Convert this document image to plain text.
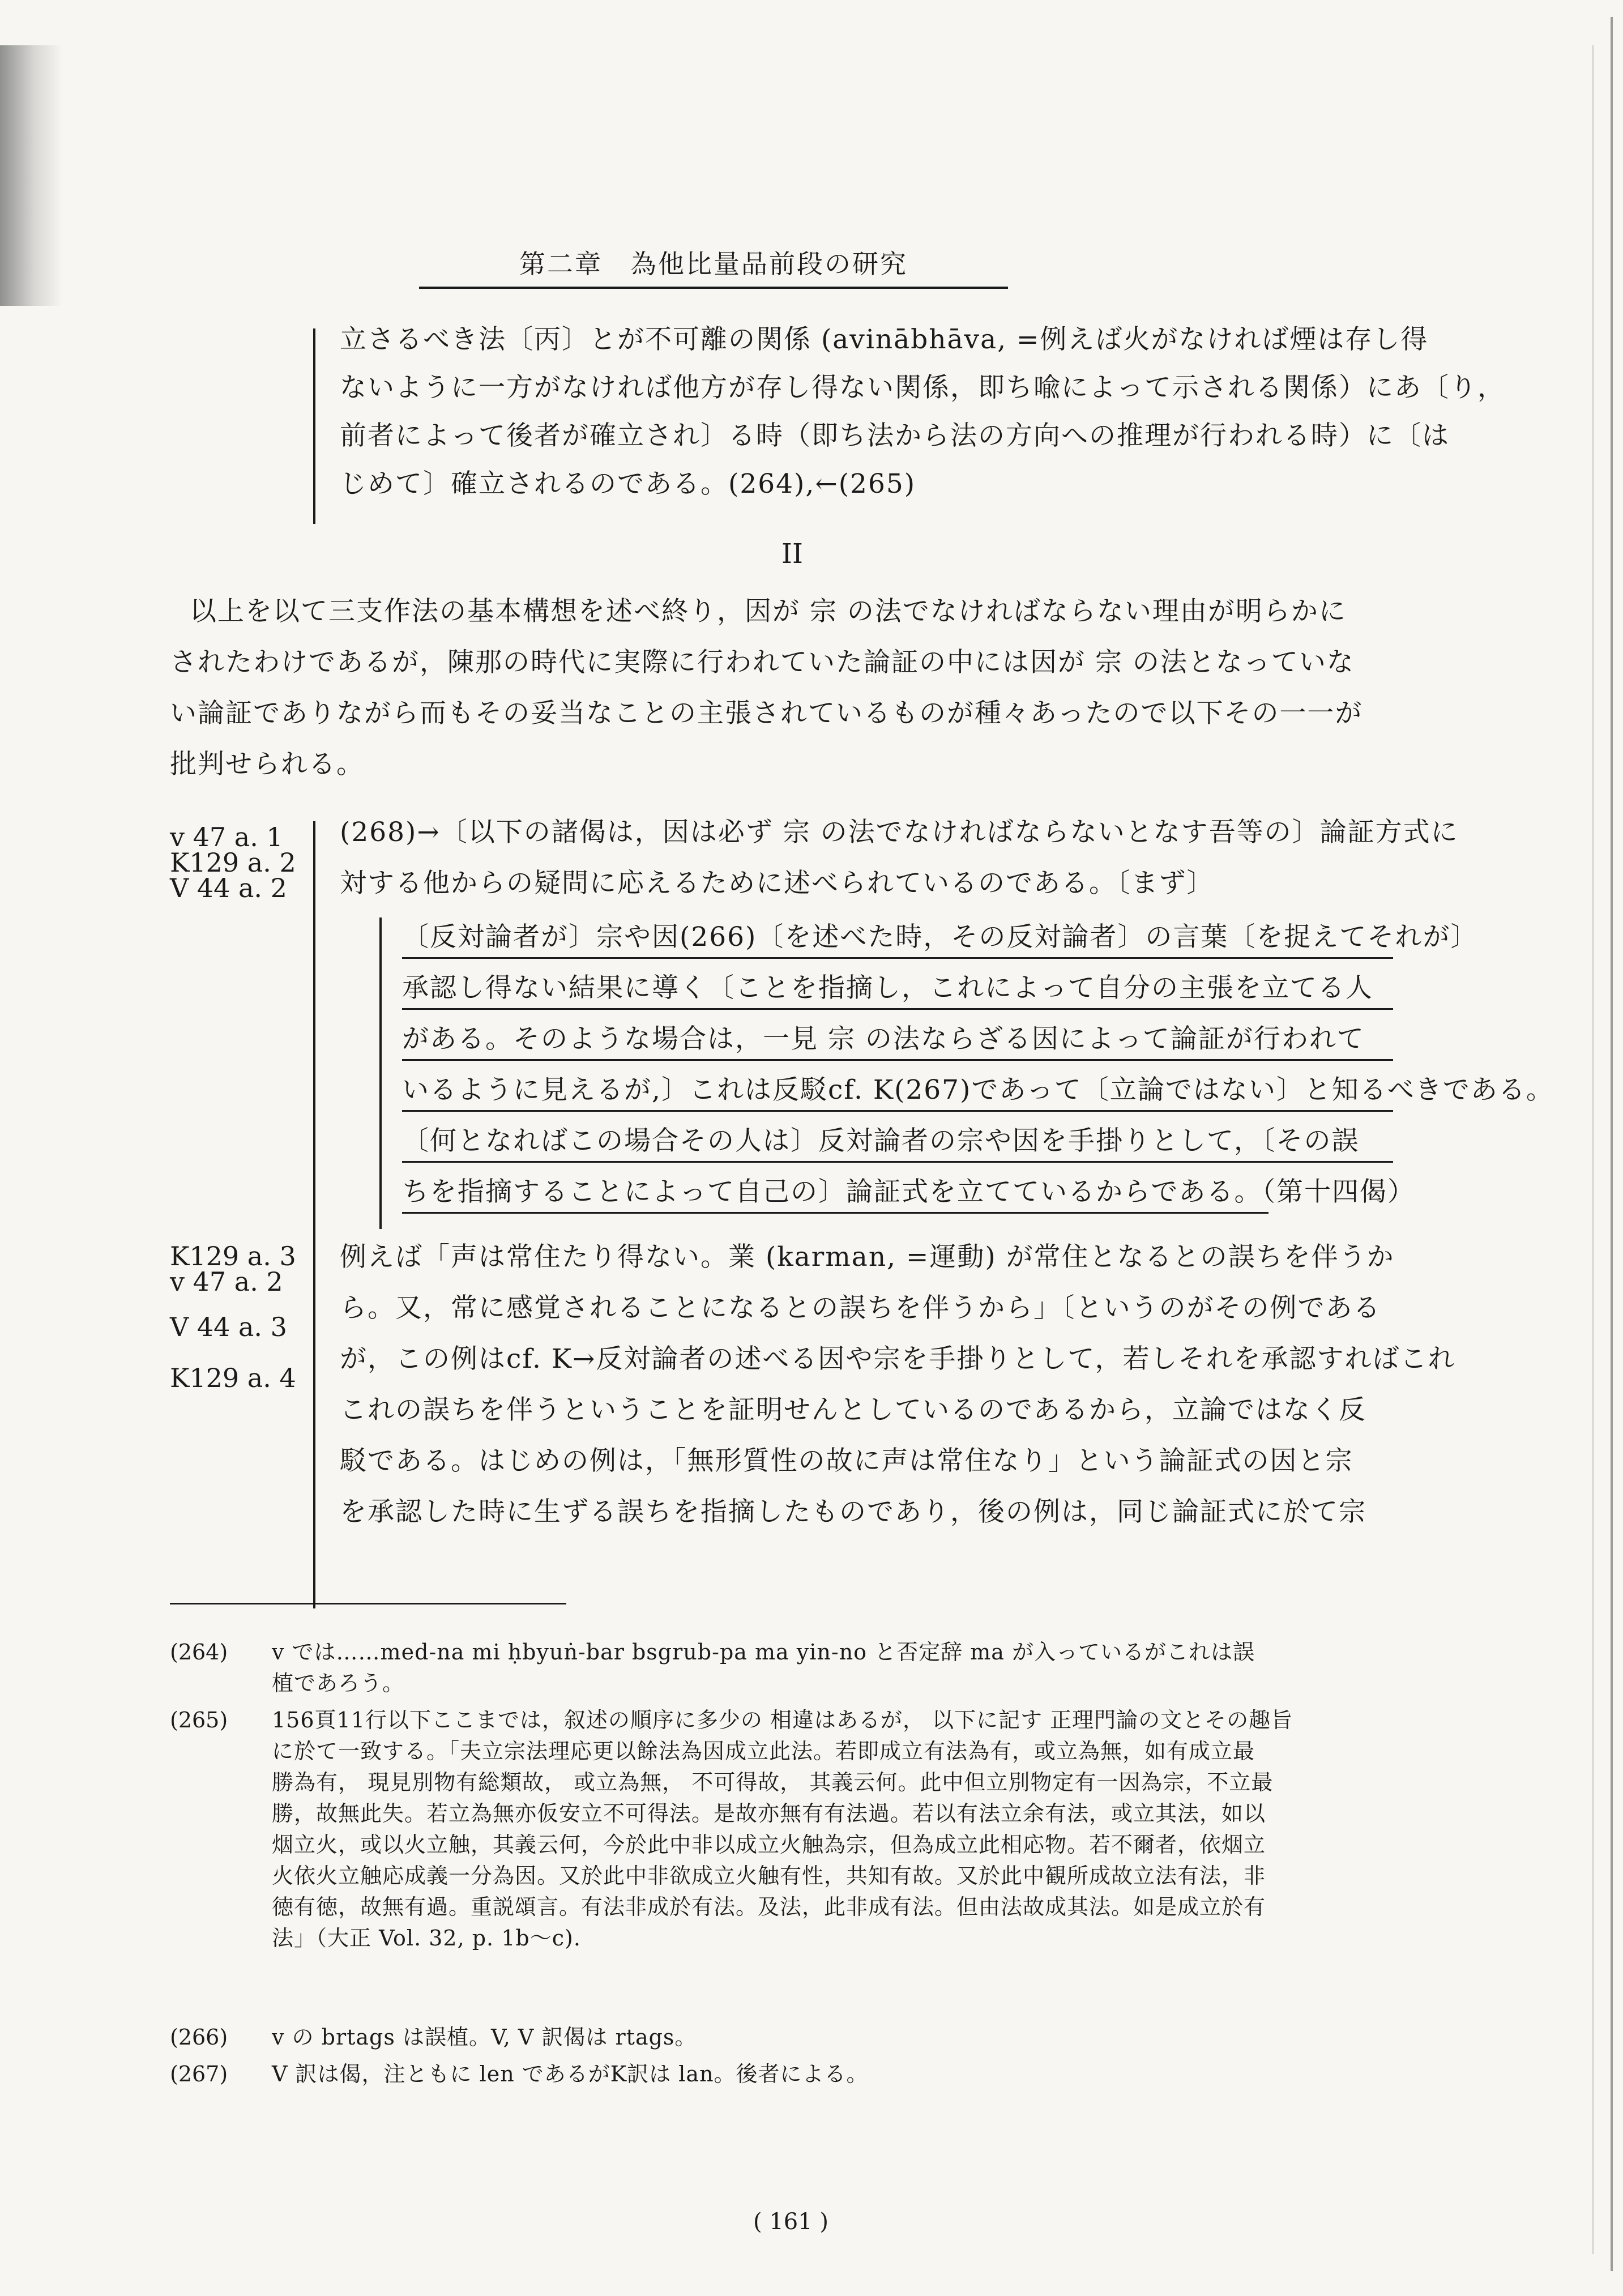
第二章　為他比量品前段の研究
立さるべき法〔丙〕とが不可離の関係 (avinābhāva, =例えば火がなければ煙は存し得
ないように一方がなければ他方が存し得ない関係，即ち喩によって示される関係）にあ〔り，
前者によって後者が確立され〕る時（即ち法から法の方向への推理が行われる時）に〔は
じめて〕確立されるのである。(264),←(265)
II
以上を以て三支作法の基本構想を述べ終り，因が 宗 の法でなければならない理由が明らかに
されたわけであるが，陳那の時代に実際に行われていた論証の中には因が 宗 の法となっていな
い論証でありながら而もその妥当なことの主張されているものが種々あったので以下その一一が
批判せられる。
v 47 a. 1
K129 a. 2
V 44 a. 2
(268)→〔以下の諸偈は，因は必ず 宗 の法でなければならないとなす吾等の〕論証方式に
対する他からの疑問に応えるために述べられているのである。〔まず〕
〔反対論者が〕宗や因(266)〔を述べた時，その反対論者〕の言葉〔を捉えてそれが〕
承認し得ない結果に導く〔ことを指摘し，これによって自分の主張を立てる人
がある。そのような場合は，一見 宗 の法ならざる因によって論証が行われて
いるように見えるが,〕これは反駁cf. K(267)であって〔立論ではない〕と知るべきである。
〔何となればこの場合その人は〕反対論者の宗や因を手掛りとして，〔その誤
ちを指摘することによって自己の〕論証式を立てているからである。（第十四偈）
K129 a. 3
v 47 a. 2
V 44 a. 3
K129 a. 4
例えば「声は常住たり得ない。業 (karman, =運動) が常住となるとの誤ちを伴うか
ら。又，常に感覚されることになるとの誤ちを伴うから」〔というのがその例である
が，この例はcf. K→反対論者の述べる因や宗を手掛りとして，若しそれを承認すればこれ
これの誤ちを伴うということを証明せんとしているのであるから，立論ではなく反
駁である。はじめの例は，「無形質性の故に声は常住なり」という論証式の因と宗
を承認した時に生ずる誤ちを指摘したものであり，後の例は，同じ論証式に於て宗
(264) v では……med-na mi ḥbyuṅ-bar bsgrub-pa ma yin-no と否定辞 ma が入っているがこれは誤
植であろう。
(265) 156頁11行以下ここまでは，叙述の順序に多少の 相違はあるが， 以下に記す 正理門論の文とその趣旨
に於て一致する。「夫立宗法理応更以餘法為因成立此法。若即成立有法為有，或立為無，如有成立最
勝為有， 現見別物有総類故， 或立為無， 不可得故， 其義云何。此中但立別物定有一因為宗，不立最
勝，故無此失。若立為無亦仮安立不可得法。是故亦無有有法過。若以有法立余有法，或立其法，如以
烟立火，或以火立触，其義云何，今於此中非以成立火触為宗，但為成立此相応物。若不爾者，依烟立
火依火立触応成義一分為因。又於此中非欲成立火触有性，共知有故。又於此中観所成故立法有法，非
徳有徳，故無有過。重説頌言。有法非成於有法。及法，此非成有法。但由法故成其法。如是成立於有
法」（大正 Vol. 32, p. 1b～c).
(266) v の brtags は誤植。V, V 訳偈は rtags。
(267) V 訳は偈，注ともに len であるがK訳は lan。後者による。
( 161 )
